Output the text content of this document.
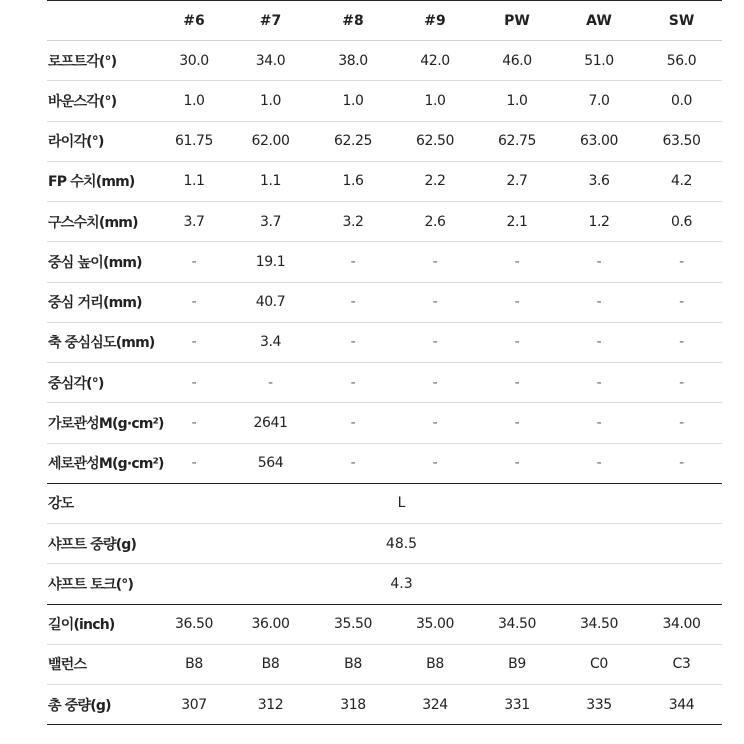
#6	#7	#8	#9	PW	AW	SW
로프트각(°)	30.0	34.0	38.0	42.0	46.0	51.0	56.0
바운스각(°)	1.0	1.0	1.0	1.0	1.0	7.0	0.0
라이각(°)	61.75	62.00	62.25	62.50	62.75	63.00	63.50
FP 수치(mm)	1.1	1.1	1.6	2.2	2.7	3.6	4.2
구스수치(mm)	3.7	3.7	3.2	2.6	2.1	1.2	0.6
중심 높이(mm)	-	19.1	-	-	-	-	-
중심 거리(mm)	-	40.7	-	-	-	-	-
축 중심심도(mm)	-	3.4	-	-	-	-	-
중심각(°)	-	-	-	-	-	-	-
가로관성M(g·cm²)	-	2641	-	-	-	-	-
세로관성M(g·cm²)	-	564	-	-	-	-	-
강도	L
샤프트 중량(g)	48.5
샤프트 토크(°)	4.3
길이(inch)	36.50	36.00	35.50	35.00	34.50	34.50	34.00
밸런스	B8	B8	B8	B8	B9	C0	C3
총 중량(g)	307	312	318	324	331	335	344
